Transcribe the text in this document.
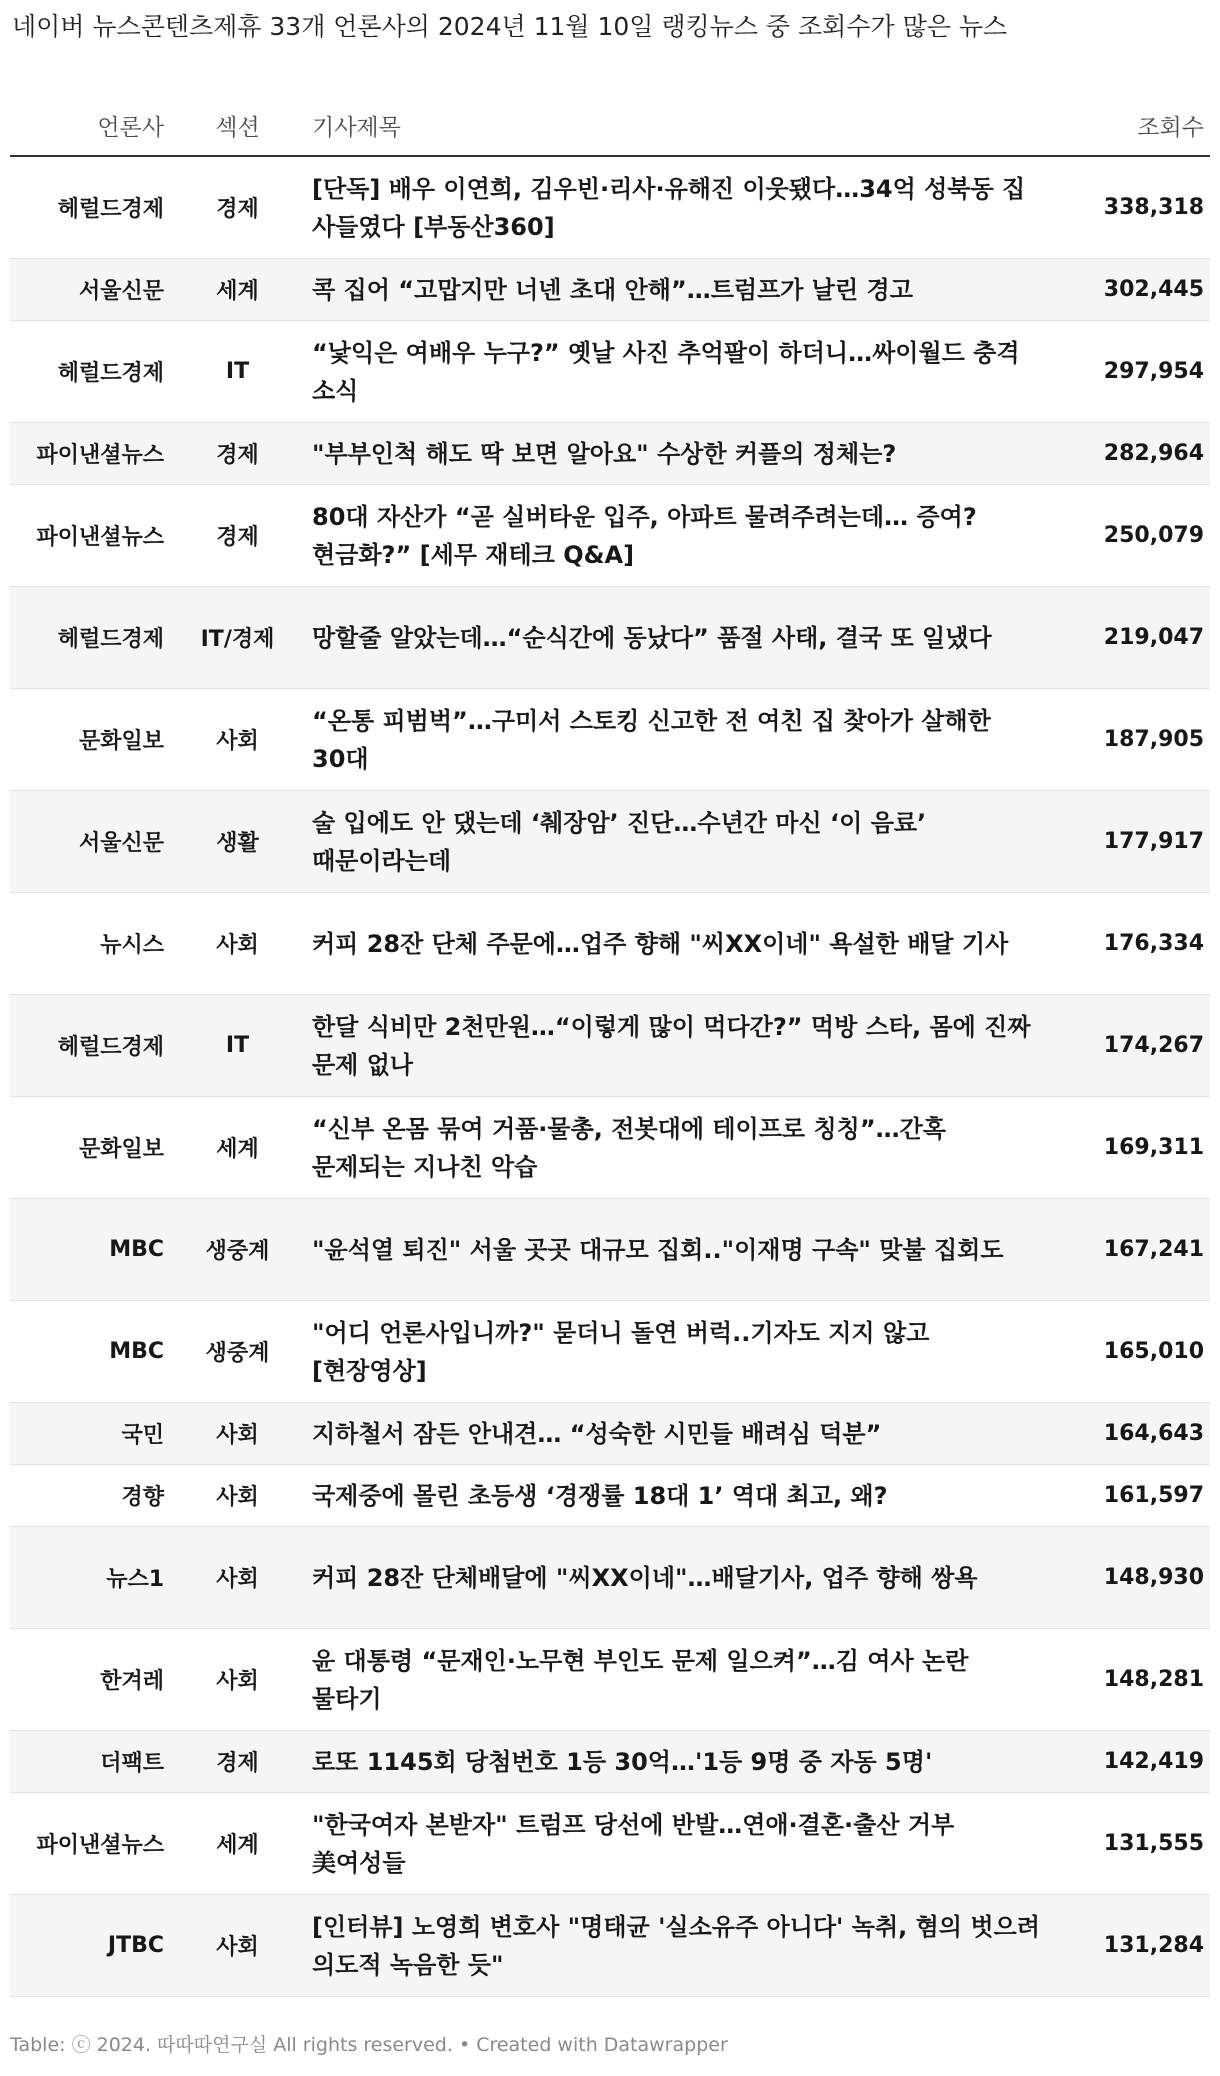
네이버 뉴스콘텐츠제휴 33개 언론사의 2024년 11월 10일 랭킹뉴스 중 조회수가 많은 뉴스
언론사	섹션	기사제목	조회수
헤럴드경제	경제	[단독] 배우 이연희, 김우빈·리사·유해진 이웃됐다…34억 성북동 집 사들였다 [부동산360]	338,318
서울신문	세계	콕 집어 “고맙지만 너넨 초대 안해”…트럼프가 날린 경고	302,445
헤럴드경제	IT	“낯익은 여배우 누구?” 옛날 사진 추억팔이 하더니…싸이월드 충격 소식	297,954
파이낸셜뉴스	경제	"부부인척 해도 딱 보면 알아요" 수상한 커플의 정체는?	282,964
파이낸셜뉴스	경제	80대 자산가 “곧 실버타운 입주, 아파트 물려주려는데… 증여? 현금화?” [세무 재테크 Q&A]	250,079
헤럴드경제	IT/경제	망할줄 알았는데…“순식간에 동났다” 품절 사태, 결국 또 일냈다	219,047
문화일보	사회	“온통 피범벅”…구미서 스토킹 신고한 전 여친 집 찾아가 살해한 30대	187,905
서울신문	생활	술 입에도 안 댔는데 ‘췌장암’ 진단…수년간 마신 ‘이 음료’ 때문이라는데	177,917
뉴시스	사회	커피 28잔 단체 주문에…업주 향해 "씨XX이네" 욕설한 배달 기사	176,334
헤럴드경제	IT	한달 식비만 2천만원…“이렇게 많이 먹다간?” 먹방 스타, 몸에 진짜 문제 없나	174,267
문화일보	세계	“신부 온몸 묶여 거품·물총, 전봇대에 테이프로 칭칭”…간혹 문제되는 지나친 악습	169,311
MBC	생중계	"윤석열 퇴진" 서울 곳곳 대규모 집회.."이재명 구속" 맞불 집회도	167,241
MBC	생중계	"어디 언론사입니까?" 묻더니 돌연 버럭..기자도 지지 않고 [현장영상]	165,010
국민	사회	지하철서 잠든 안내견… “성숙한 시민들 배려심 덕분”	164,643
경향	사회	국제중에 몰린 초등생 ‘경쟁률 18대 1’ 역대 최고, 왜?	161,597
뉴스1	사회	커피 28잔 단체배달에 "씨XX이네"…배달기사, 업주 향해 쌍욕	148,930
한겨레	사회	윤 대통령 “문재인·노무현 부인도 문제 일으켜”…김 여사 논란 물타기	148,281
더팩트	경제	로또 1145회 당첨번호 1등 30억…'1등 9명 중 자동 5명'	142,419
파이낸셜뉴스	세계	"한국여자 본받자" 트럼프 당선에 반발…연애·결혼·출산 거부 美여성들	131,555
JTBC	사회	[인터뷰] 노영희 변호사 "명태균 '실소유주 아니다' 녹취, 혐의 벗으려 의도적 녹음한 듯"	131,284
Table: ⓒ 2024. 따따따연구실 All rights reserved. • Created with Datawrapper
